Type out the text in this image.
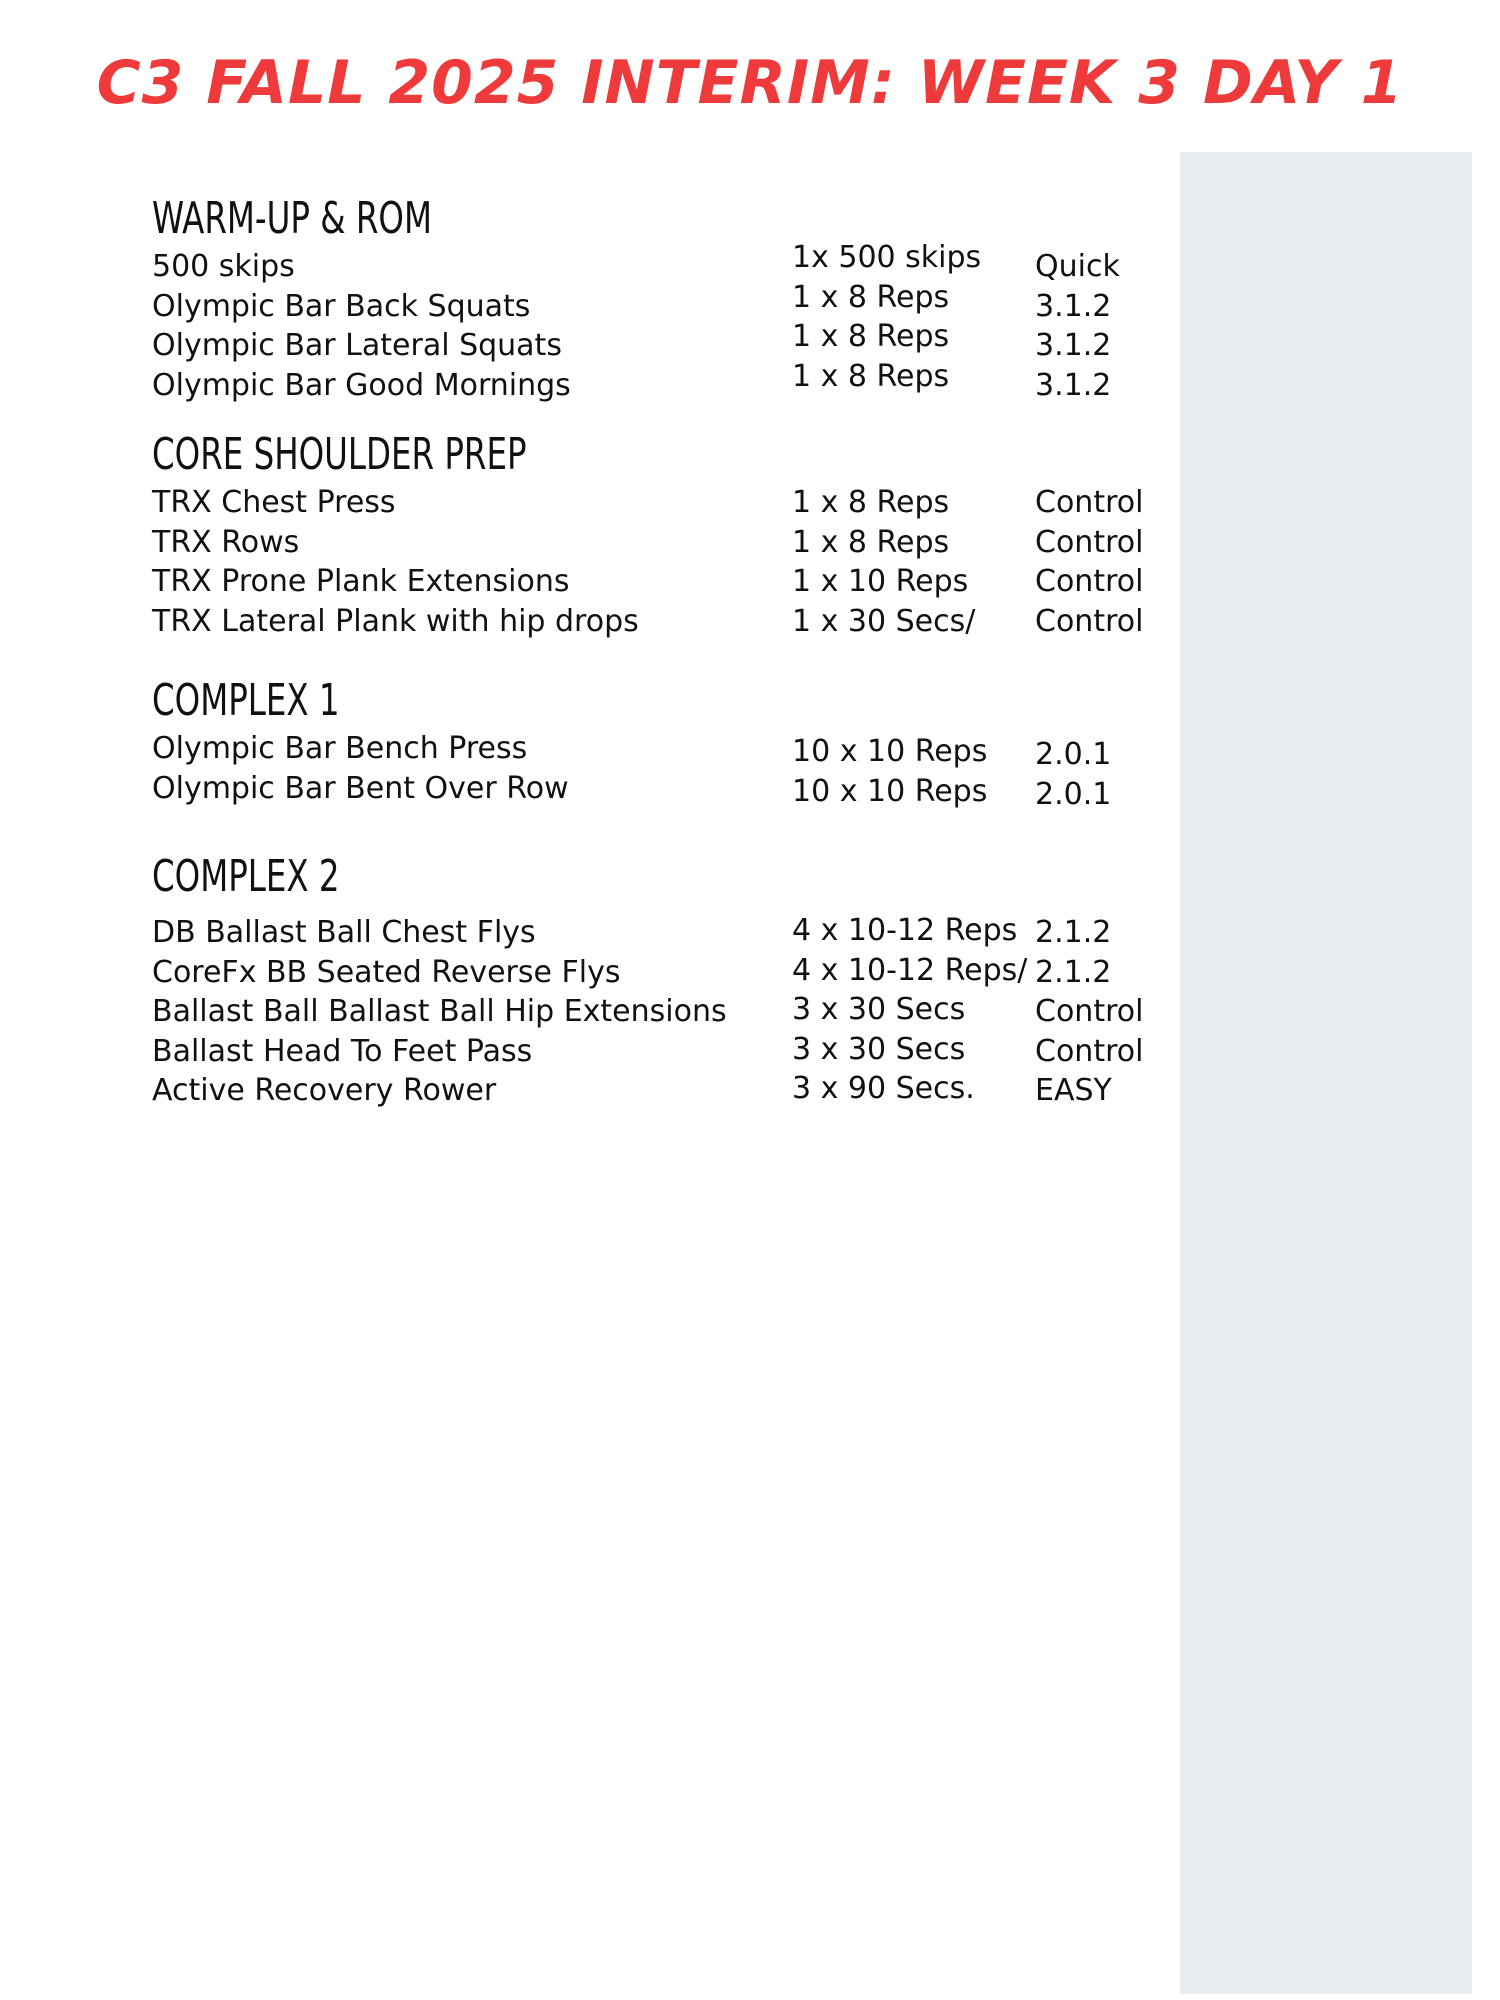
C3 FALL 2025 INTERIM: WEEK 3 DAY 1
WARM-UP & ROM
500 skips	1x 500 skips Quick
Olympic Bar Back Squats	1 x 8 Reps	3.1.2
Olympic Bar Lateral Squats	1 x 8 Reps	3.1.2
Olympic Bar Good Mornings	1 x 8 Reps	3.1.2
CORE SHOULDER PREP
TRX Chest Press	1 x 8 Reps	Control
TRX Rows	1 x 8 Reps	Control
TRX Prone Plank Extensions	1 x 10 Reps Control
TRX Lateral Plank with hip drops	1 x 30 Secs/ Control
COMPLEX 1
Olympic Bar Bench Press	10 x 10 Reps 2.0.1
Olympic Bar Bent Over Row	10 x 10 Reps 2.0.1
COMPLEX 2
DB Ballast Ball Chest Flys	4 x 10-12 Reps 2.1.2
CoreFx BB Seated Reverse Flys	4 x 10-12 Reps/ 2.1.2
Ballast Ball Ballast Ball Hip Extensions 3 x 30 Secs Control
Ballast Head To Feet Pass	3 x 30 Secs Control
Active Recovery Rower	3 x 90 Secs. EASY
